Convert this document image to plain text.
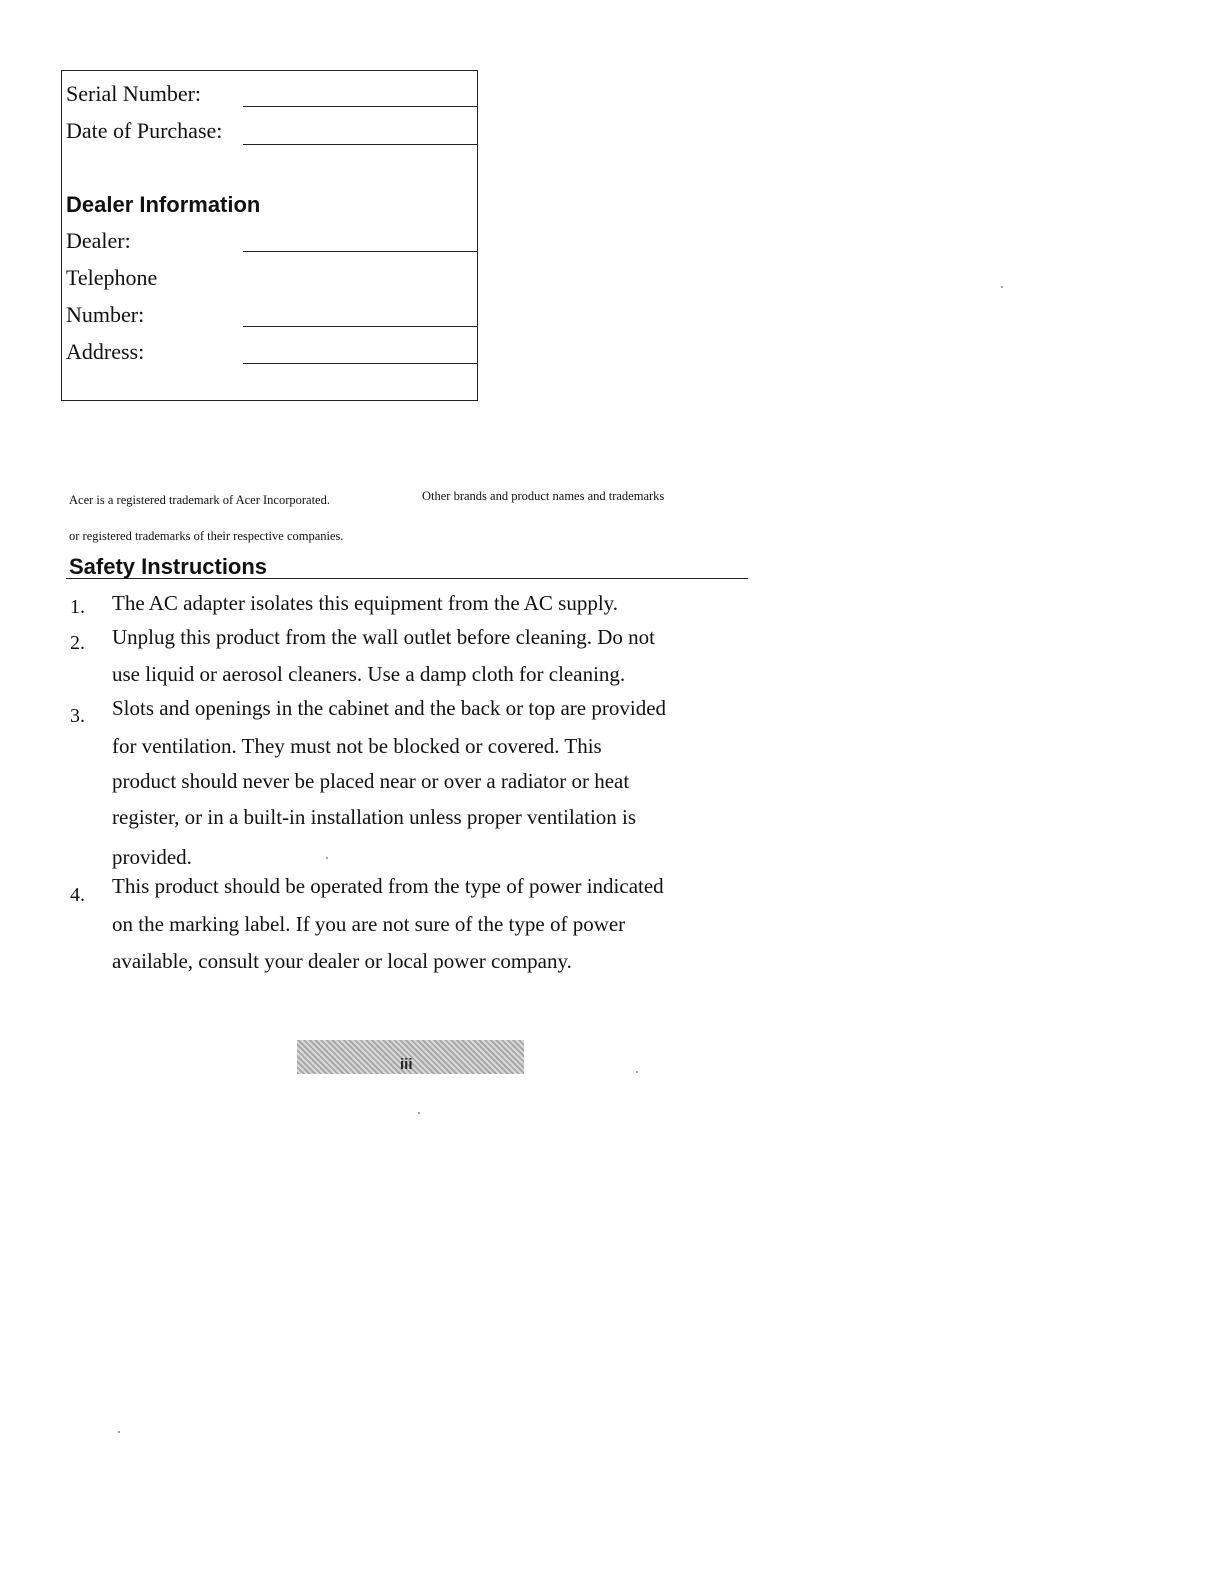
Serial Number:
Date of Purchase:
Dealer Information
Dealer:
Telephone
Number:
Address:
Acer is a registered trademark of Acer Incorporated.	Other brands and product names and trademarks
or registered trademarks of their respective companies.
Safety Instructions
1. The AC adapter isolates this equipment from the AC supply.
2. Unplug this product from the wall outlet before cleaning. Do not
use liquid or aerosol cleaners. Use a damp cloth for cleaning.
3. Slots and openings in the cabinet and the back or top are provided
for ventilation. They must not be blocked or covered. This
product should never be placed near or over a radiator or heat
register, or in a built-in installation unless proper ventilation is
provided.
4. This product should be operated from the type of power indicated
on the marking label. If you are not sure of the type of power
available, consult your dealer or local power company.
iii
